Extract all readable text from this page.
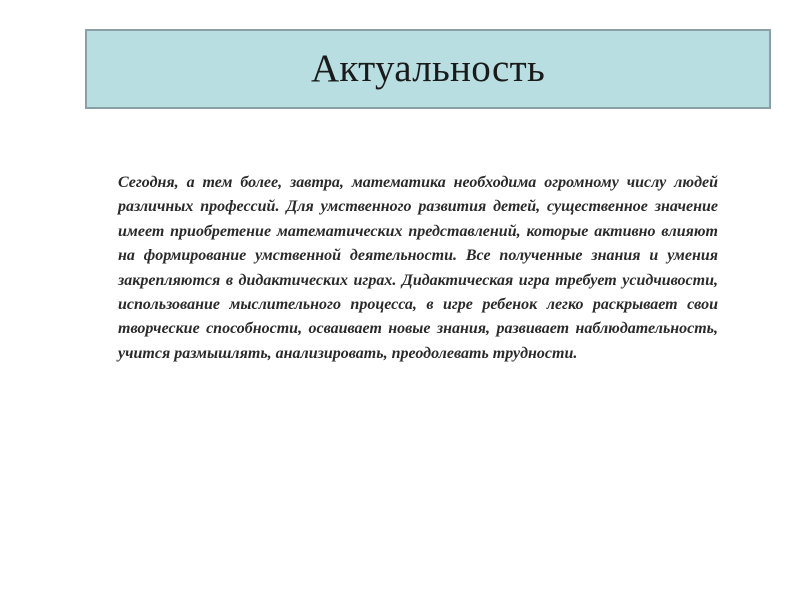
Актуальность

Сегодня, а тем более, завтра, математика необходима огромному числу людей различных профессий. Для умственного развития детей, существенное значение имеет приобретение математических представлений, которые активно влияют на формирование умственной деятельности. Все полученные знания и умения закрепляются в дидактических играх. Дидактическая игра требует усидчивости, использование мыслительного процесса, в игре ребенок легко раскрывает свои творческие способности, осваивает новые знания, развивает наблюдательность, учится размышлять, анализировать, преодолевать трудности.
